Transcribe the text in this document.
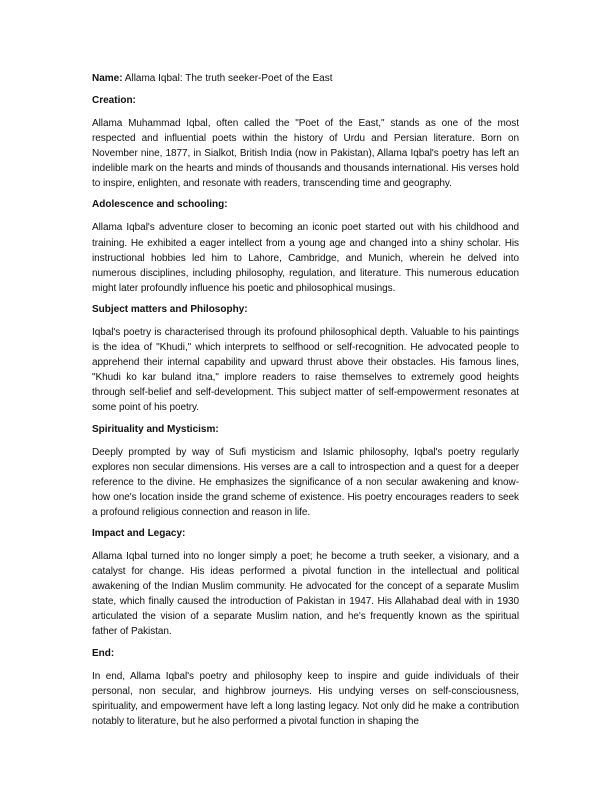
Name: Allama Iqbal: The truth seeker-Poet of the East

Creation:

Allama Muhammad Iqbal, often called the "Poet of the East," stands as one of the most respected and influential poets within the history of Urdu and Persian literature. Born on November nine, 1877, in Sialkot, British India (now in Pakistan), Allama Iqbal's poetry has left an indelible mark on the hearts and minds of thousands and thousands international. His verses hold to inspire, enlighten, and resonate with readers, transcending time and geography.

Adolescence and schooling:

Allama Iqbal's adventure closer to becoming an iconic poet started out with his childhood and training. He exhibited a eager intellect from a young age and changed into a shiny scholar. His instructional hobbies led him to Lahore, Cambridge, and Munich, wherein he delved into numerous disciplines, including philosophy, regulation, and literature. This numerous education might later profoundly influence his poetic and philosophical musings.

Subject matters and Philosophy:

Iqbal's poetry is characterised through its profound philosophical depth. Valuable to his paintings is the idea of "Khudi," which interprets to selfhood or self-recognition. He advocated people to apprehend their internal capability and upward thrust above their obstacles. His famous lines, "Khudi ko kar buland itna," implore readers to raise themselves to extremely good heights through self-belief and self-development. This subject matter of self-empowerment resonates at some point of his poetry.

Spirituality and Mysticism:

Deeply prompted by way of Sufi mysticism and Islamic philosophy, Iqbal's poetry regularly explores non secular dimensions. His verses are a call to introspection and a quest for a deeper reference to the divine. He emphasizes the significance of a non secular awakening and know-how one's location inside the grand scheme of existence. His poetry encourages readers to seek a profound religious connection and reason in life.

Impact and Legacy:

Allama Iqbal turned into no longer simply a poet; he become a truth seeker, a visionary, and a catalyst for change. His ideas performed a pivotal function in the intellectual and political awakening of the Indian Muslim community. He advocated for the concept of a separate Muslim state, which finally caused the introduction of Pakistan in 1947. His Allahabad deal with in 1930 articulated the vision of a separate Muslim nation, and he's frequently known as the spiritual father of Pakistan.

End:

In end, Allama Iqbal's poetry and philosophy keep to inspire and guide individuals of their personal, non secular, and highbrow journeys. His undying verses on self-consciousness, spirituality, and empowerment have left a long lasting legacy. Not only did he make a contribution notably to literature, but he also performed a pivotal function in shaping the
